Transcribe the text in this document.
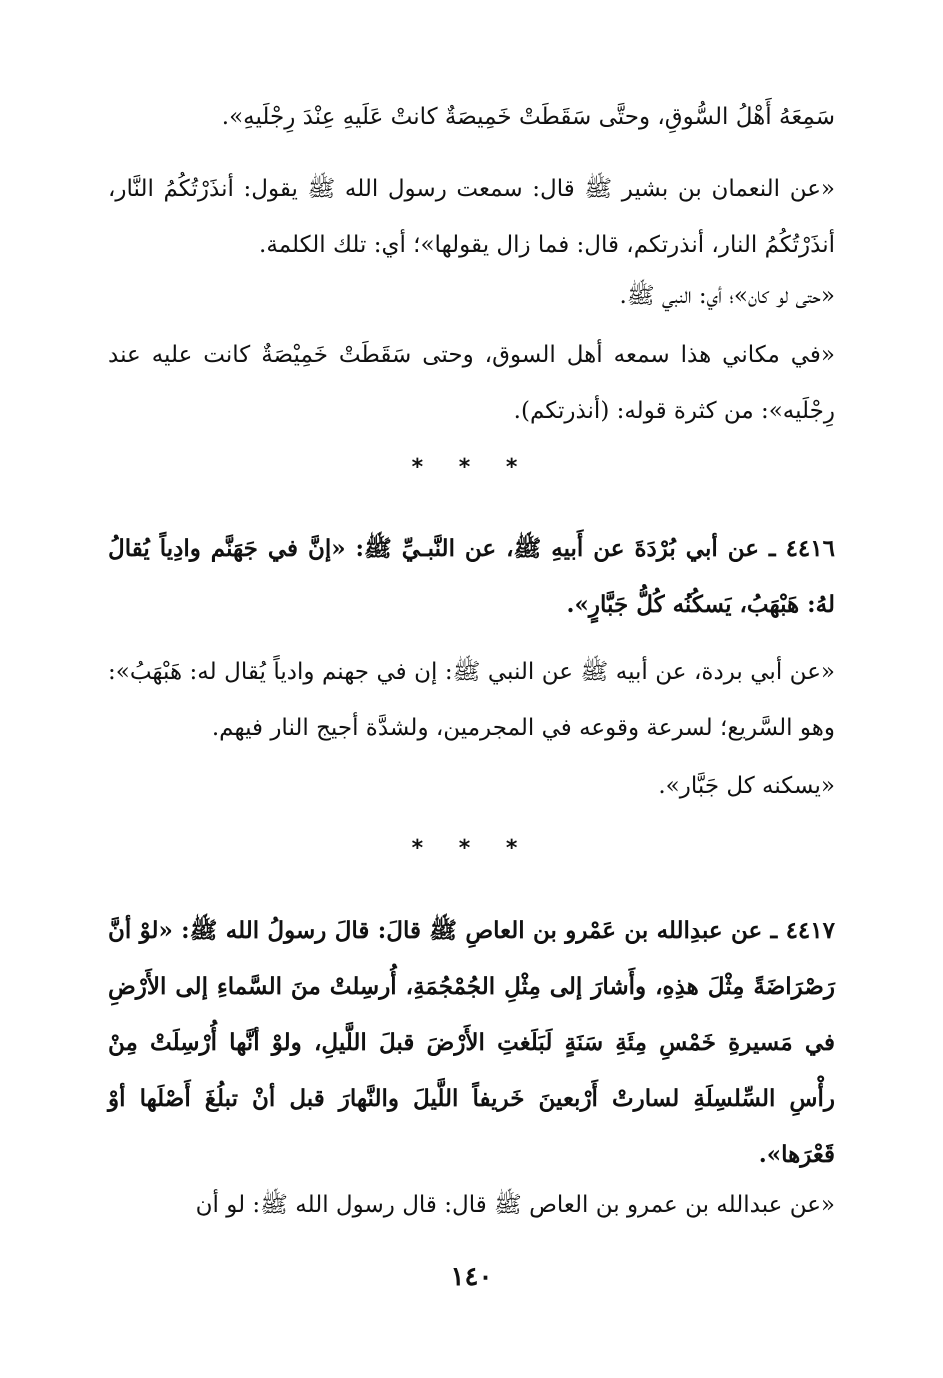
سَمِعَهُ أَهْلُ السُّوقِ، وحتَّى سَقَطَتْ خَمِيصَةٌ كانتْ عَلَيهِ عِنْدَ رِجْلَيهِ».

«عن النعمان بن بشير ﷺ قال: سمعت رسول الله ﷺ يقول: أنذَرْتُكُمُ النَّار، أنذَرْتُكُمُ النار، أنذرتكم، قال: فما زال يقولها»؛ أي: تلك الكلمة.

«حتى لو كان»؛ أي: النبي ﷺ.

«في مكاني هذا سمعه أهل السوق، وحتى سَقَطَتْ خَمِيْصَةٌ كانت عليه عند رِجْلَيه»: من كثرة قوله: (أنذرتكم).

* * *

٤٤١٦ ـ عن أبي بُرْدَةَ عن أَبيهِ ﷺ، عن النَّبـيِّ ﷺ: «إنَّ في جَهَنَّم وادِياً يُقالُ لهُ: هَبْهَبُ، يَسكُنُه كُلُّ جَبَّارٍ».

«عن أبي بردة، عن أبيه ﷺ عن النبي ﷺ: إن في جهنم وادياً يُقال له: هَبْهَبُ»: وهو السَّريع؛ لسرعة وقوعه في المجرمين، ولشدَّة أجيج النار فيهم.

«يسكنه كل جَبَّار».

* * *

٤٤١٧ ـ عن عبدِالله بن عَمْرو بن العاصِ ﷺ قالَ: قالَ رسولُ الله ﷺ: «لوْ أنَّ رَصْرَاضَةً مِثْلَ هذِهِ، وأَشارَ إلى مِثْلِ الجُمْجُمَةِ، أُرسِلتْ منَ السَّماءِ إلى الأَرْضِ في مَسيرةِ خَمْسِ مِئَةِ سَنَةٍ لَبَلَغتِ الأَرْضَ قبلَ اللَّيلِ، ولوْ أنَّها أُرْسِلَتْ مِنْ رأْسِ السِّلسِلَةِ لسارتْ أَرْبعينَ خَريفاً اللَّيلَ والنَّهارَ قبل أنْ تبلُغَ أَصْلَها أوْ قَعْرَها».

«عن عبدالله بن عمرو بن العاص ﷺ قال: قال رسول الله ﷺ: لو أن

١٤٠
